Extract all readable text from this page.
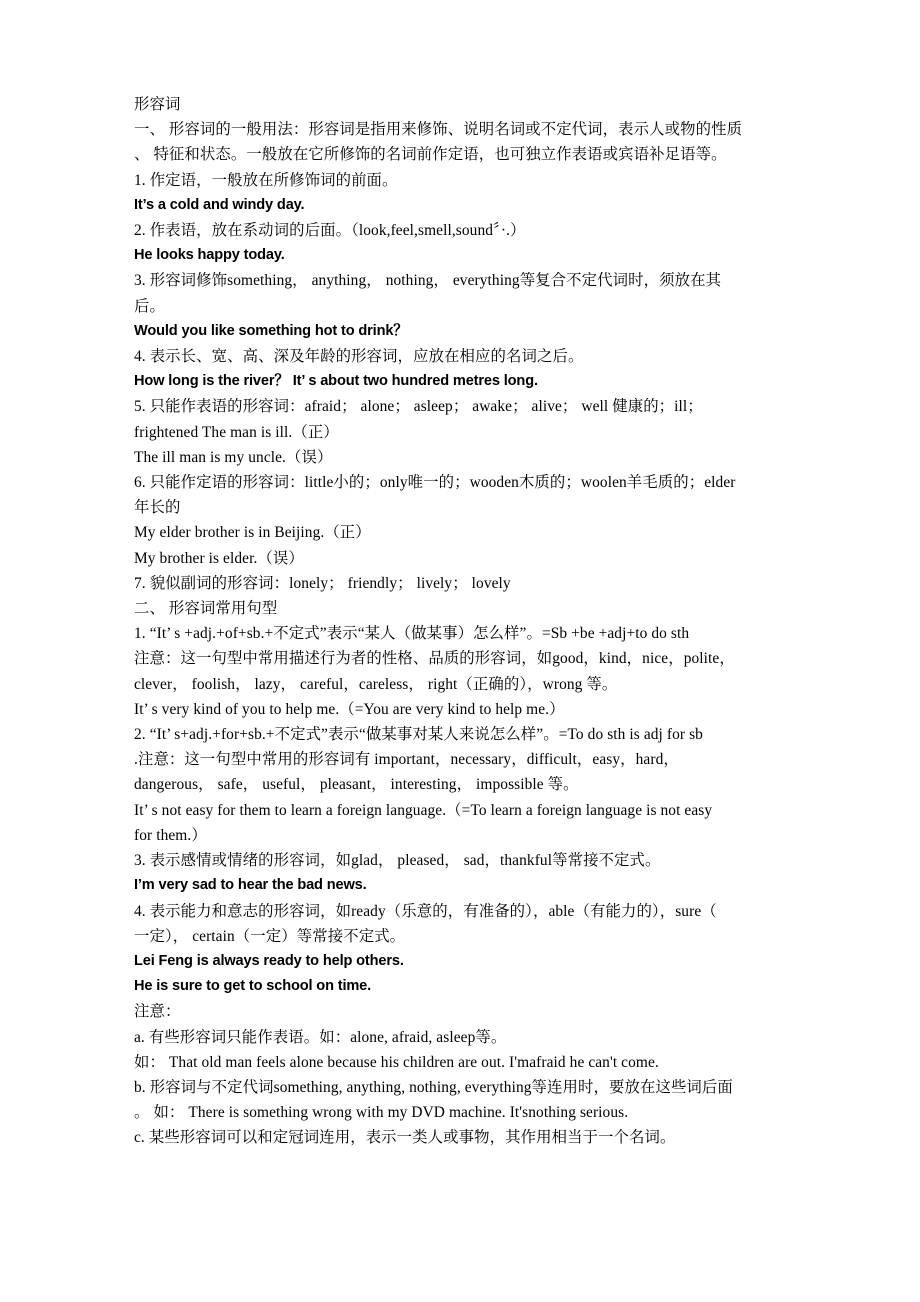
形容词
一、 形容词的一般用法：形容词是指用来修饰、说明名词或不定代词，表示人或物的性质
、 特征和状态。一般放在它所修饰的名词前作定语，也可独立作表语或宾语补足语等。
1. 作定语，一般放在所修饰词的前面。
It’s a cold and windy day.
2. 作表语，放在系动词的后面。（look,feel,smell,sound〞·.）
He looks happy today.
3. 形容词修饰something， anything， nothing， everything等复合不定代词时，须放在其
后。
Would you like something hot to drink？
4. 表示长、宽、高、深及年龄的形容词，应放在相应的名词之后。
How long is the river？ It’ s about two hundred metres long.
5. 只能作表语的形容词：afraid； alone； asleep； awake； alive； well 健康的；ill；
frightened The man is ill.（正）
The ill man is my uncle.（误）
6. 只能作定语的形容词：little小的；only唯一的；wooden木质的；woolen羊毛质的；elder
年长的
My elder brother is in Beijing.（正）
My brother is elder.（误）
7. 貌似副词的形容词：lonely； friendly； lively； lovely
二、 形容词常用句型
1. “It’ s +adj.+of+sb.+不定式”表示“某人（做某事）怎么样”。=Sb +be +adj+to do sth
注意：这一句型中常用描述行为者的性格、品质的形容词，如good，kind，nice，polite，
clever， foolish， lazy， careful，careless， right（正确的），wrong 等。
It’ s very kind of you to help me.（=You are very kind to help me.）
2. “It’ s+adj.+for+sb.+不定式”表示“做某事对某人来说怎么样”。=To do sth is adj for sb
.注意：这一句型中常用的形容词有 important，necessary，difficult，easy，hard，
dangerous， safe， useful， pleasant， interesting， impossible 等。
It’ s not easy for them to learn a foreign language.（=To learn a foreign language is not easy
for them.）
3. 表示感情或情绪的形容词，如glad， pleased， sad，thankful等常接不定式。
I’m very sad to hear the bad news.
4. 表示能力和意志的形容词，如ready（乐意的，有准备的），able（有能力的），sure（
一定）， certain（一定）等常接不定式。
Lei Feng is always ready to help others.
He is sure to get to school on time.
注意：
a. 有些形容词只能作表语。如：alone, afraid, asleep等。
如： That old man feels alone because his children are out. I'mafraid he can't come.
b. 形容词与不定代词something, anything, nothing, everything等连用时，要放在这些词后面
。 如： There is something wrong with my DVD machine. It'snothing serious.
c. 某些形容词可以和定冠词连用，表示一类人或事物，其作用相当于一个名词。
